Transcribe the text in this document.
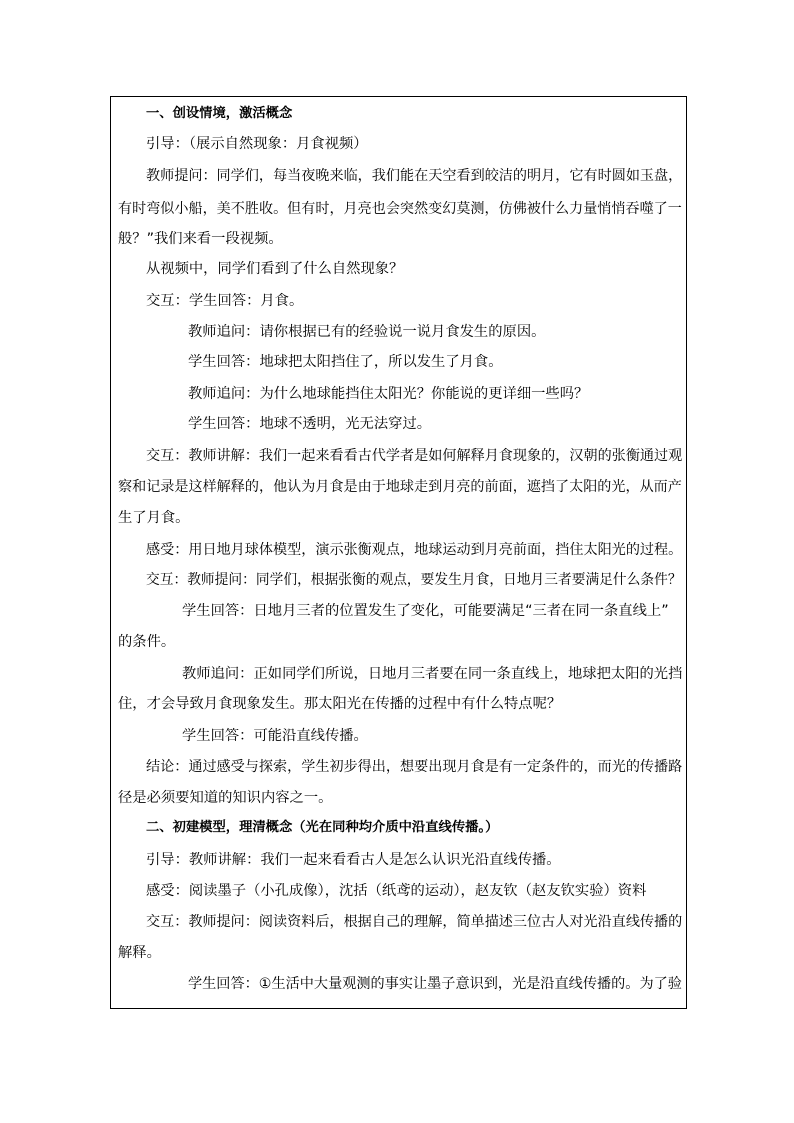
一、创设情境，激活概念
引导：（展示自然现象：月食视频）
教师提问：同学们，每当夜晚来临，我们能在天空看到皎洁的明月，它有时圆如玉盘，
有时弯似小船，美不胜收。但有时，月亮也会突然变幻莫测，仿佛被什么力量悄悄吞噬了一
般？”我们来看一段视频。
从视频中，同学们看到了什么自然现象？
交互：学生回答：月食。
教师追问：请你根据已有的经验说一说月食发生的原因。
学生回答：地球把太阳挡住了，所以发生了月食。
教师追问：为什么地球能挡住太阳光？你能说的更详细一些吗？
学生回答：地球不透明，光无法穿过。
交互：教师讲解：我们一起来看看古代学者是如何解释月食现象的，汉朝的张衡通过观
察和记录是这样解释的，他认为月食是由于地球走到月亮的前面，遮挡了太阳的光，从而产
生了月食。
感受：用日地月球体模型，演示张衡观点，地球运动到月亮前面，挡住太阳光的过程。
交互：教师提问：同学们，根据张衡的观点，要发生月食，日地月三者要满足什么条件？
学生回答：日地月三者的位置发生了变化，可能要满足“三者在同一条直线上”
的条件。
教师追问：正如同学们所说，日地月三者要在同一条直线上，地球把太阳的光挡
住，才会导致月食现象发生。那太阳光在传播的过程中有什么特点呢？
学生回答：可能沿直线传播。
结论：通过感受与探索，学生初步得出，想要出现月食是有一定条件的，而光的传播路
径是必须要知道的知识内容之一。
二、初建模型，理清概念（光在同种均介质中沿直线传播。）
引导：教师讲解：我们一起来看看古人是怎么认识光沿直线传播。
感受：阅读墨子（小孔成像），沈括（纸鸢的运动），赵友钦（赵友钦实验）资料
交互：教师提问：阅读资料后，根据自己的理解，简单描述三位古人对光沿直线传播的
解释。
学生回答：①生活中大量观测的事实让墨子意识到，光是沿直线传播的。为了验
